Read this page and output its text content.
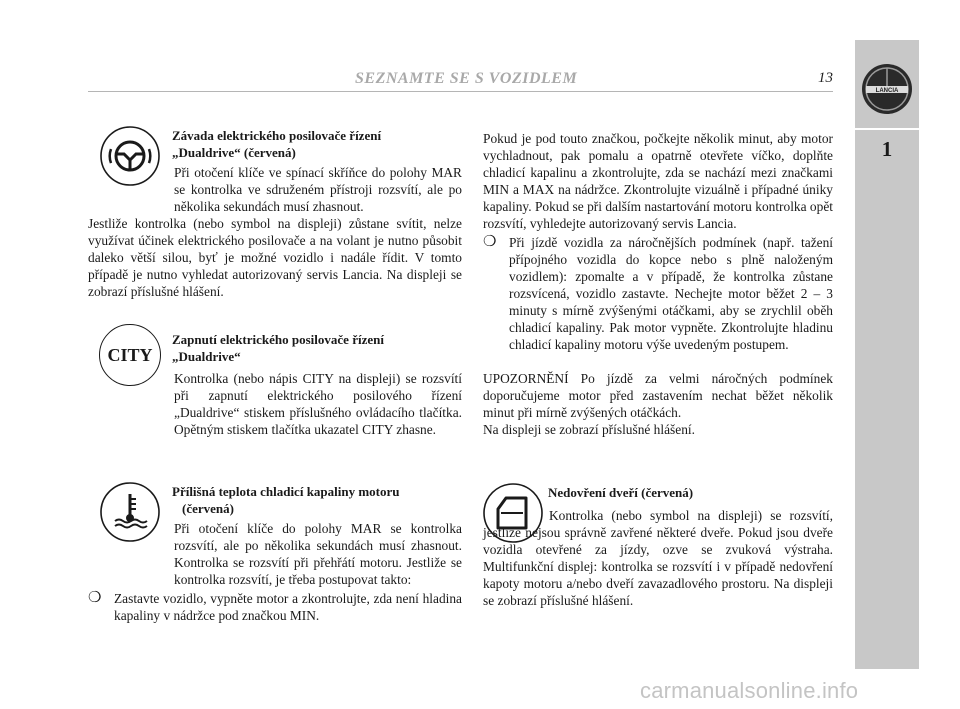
SEZNAMTE SE S VOZIDLEM	13
LANCIA
1
Závada elektrického posilovače řízení
„Dualdrive“ (červená)

Při otočení klíče ve spínací skříňce do polohy MAR se kontrolka ve sdruženém přístroji rozsvítí, ale po několika sekundách musí zhasnout.

Jestliže kontrolka (nebo symbol na displeji) zůstane svítit, nelze využívat účinek elektrického posilovače a na volant je nutno působit daleko větší silou, byť je možné vozidlo i nadále řídit. V tomto případě je nutno vyhledat autorizovaný servis Lancia. Na displeji se zobrazí příslušné hlášení.

CITY
Zapnutí elektrického posilovače řízení
„Dualdrive“

Kontrolka (nebo nápis CITY na displeji) se rozsvítí při zapnutí elektrického posilového řízení „Dualdrive“ stiskem příslušného ovládacího tlačítka. Opětným stiskem tlačítka ukazatel CITY zhasne.

Přílišná teplota chladicí kapaliny motoru
(červená)

Při otočení klíče do polohy MAR se kontrolka rozsvítí, ale po několika sekundách musí zhasnout. Kontrolka se rozsvítí při přehřátí motoru. Jestliže se kontrolka rozsvítí, je třeba postupovat takto:

❍ Zastavte vozidlo, vypněte motor a zkontrolujte, zda není hladina kapaliny v nádržce pod značkou MIN.

Pokud je pod touto značkou, počkejte několik minut, aby motor vychladnout, pak pomalu a opatrně otevřete víčko, doplňte chladicí kapalinu a zkontrolujte, zda se nachází mezi značkami MIN a MAX na nádržce. Zkontrolujte vizuálně i případné úniky kapaliny. Pokud se při dalším nastartování motoru kontrolka opět rozsvítí, vyhledejte autorizovaný servis Lancia.

❍ Při jízdě vozidla za náročnějších podmínek (např. tažení přípojného vozidla do kopce nebo s plně naloženým vozidlem): zpomalte a v případě, že kontrolka zůstane rozsvícená, vozidlo zastavte. Nechejte motor běžet 2 – 3 minuty s mírně zvýšenými otáčkami, aby se zrychlil oběh chladicí kapaliny. Pak motor vypněte. Zkontrolujte hladinu chladicí kapaliny motoru výše uvedeným postupem.

UPOZORNĚNÍ Po jízdě za velmi náročných podmínek doporučujeme motor před zastavením nechat běžet několik minut při mírně zvýšených otáčkách.

Na displeji se zobrazí příslušné hlášení.

Nedovření dveří (červená)

Kontrolka (nebo symbol na displeji) se rozsvítí, jestliže nejsou správně zavřené některé dveře. Pokud jsou dveře vozidla otevřené za jízdy, ozve se zvuková výstraha. Multifunkční displej: kontrolka se rozsvítí i v případě nedovření kapoty motoru a/nebo dveří zavazadlového prostoru. Na displeji se zobrazí příslušné hlášení.

carmanualsonline.info
